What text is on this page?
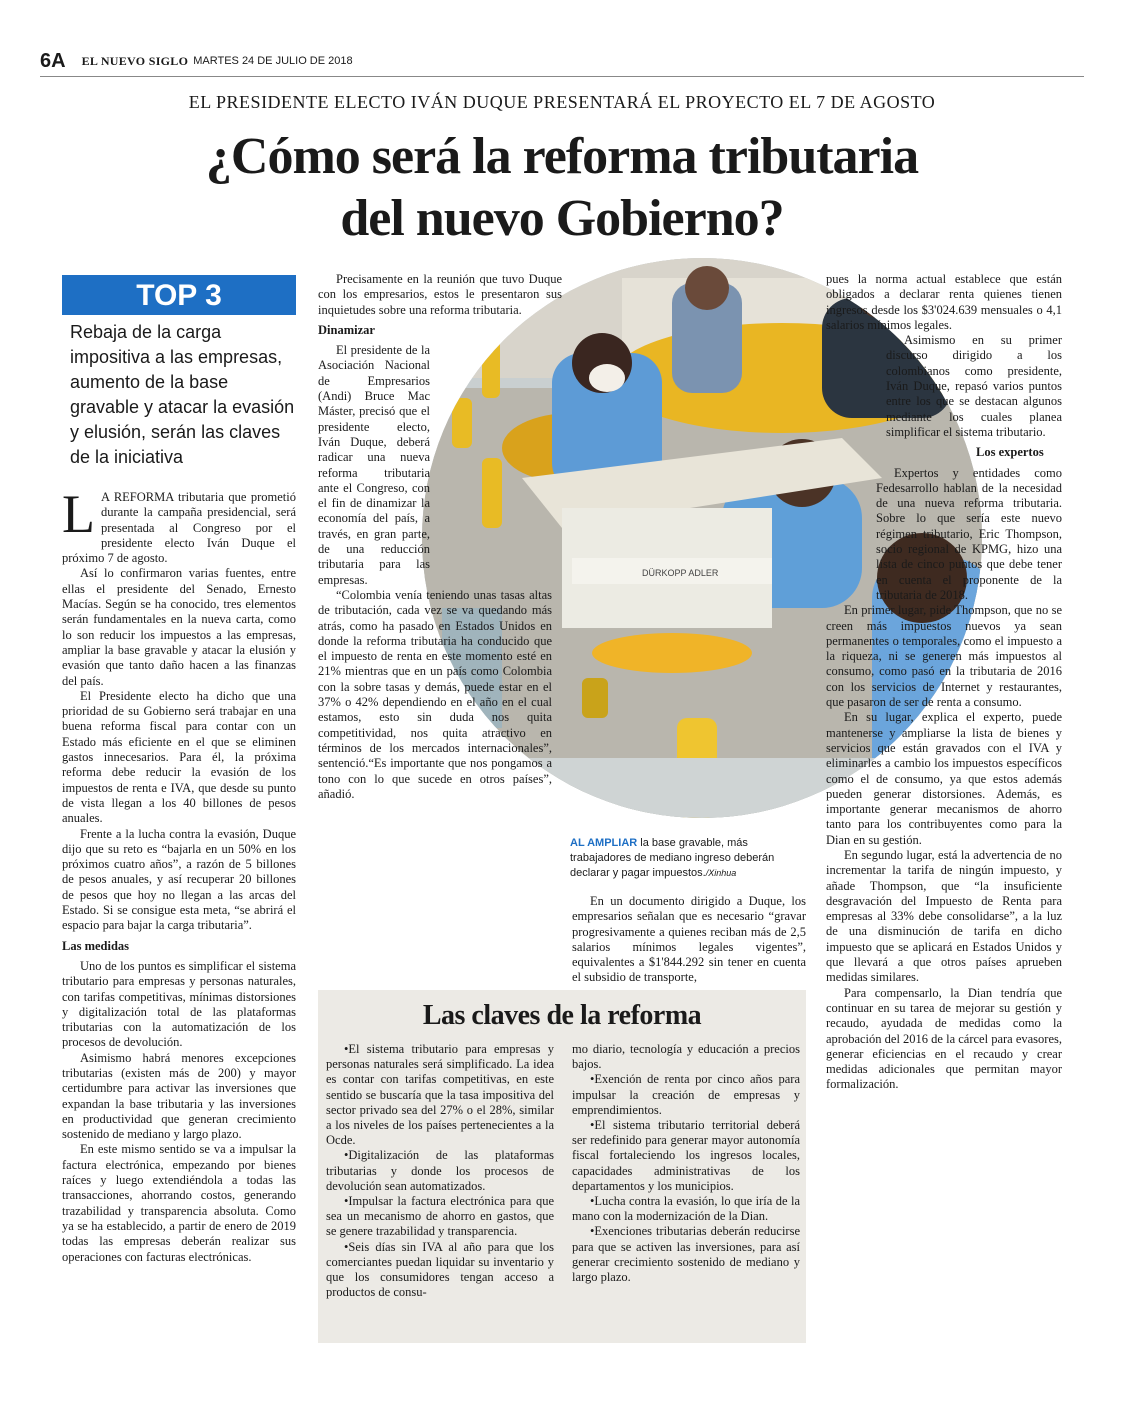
6A EL NUEVO SIGLO MARTES 24 DE JULIO DE 2018
EL PRESIDENTE ELECTO IVÁN DUQUE PRESENTARÁ EL PROYECTO EL 7 DE AGOSTO
¿Cómo será la reforma tributaria
del nuevo Gobierno?
TOP 3
Rebaja de la carga impositiva a las empresas, aumento de la base gravable y atacar la evasión y elusión, serán las claves de la iniciativa

L A REFORMA tributaria que prometió durante la campaña presidencial, será presentada al Congreso por el presidente electo Iván Duque el próximo 7 de agosto.

Así lo confirmaron varias fuentes, entre ellas el presidente del Senado, Ernesto Macías. Según se ha conocido, tres elementos serán fundamentales en la nueva carta, como lo son reducir los impuestos a las empresas, ampliar la base gravable y atacar la elusión y evasión que tanto daño hacen a las finanzas del país.

El Presidente electo ha dicho que una prioridad de su Gobierno será trabajar en una buena reforma fiscal para contar con un Estado más eficiente en el que se eliminen gastos innecesarios. Para él, la próxima reforma debe reducir la evasión de los impuestos de renta e IVA, que desde su punto de vista llegan a los 40 billones de pesos anuales.

Frente a la lucha contra la evasión, Duque dijo que su reto es “bajarla en un 50% en los próximos cuatro años”, a razón de 5 billones de pesos anuales, y así recuperar 20 billones de pesos que hoy no llegan a las arcas del Estado. Si se consigue esta meta, “se abrirá el espacio para bajar la carga tributaria”.

Las medidas

Uno de los puntos es simplificar el sistema tributario para empresas y personas naturales, con tarifas competitivas, mínimas distorsiones y digitalización total de las plataformas tributarias con la automatización de los procesos de devolución.

Asimismo habrá menores excepciones tributarias (existen más de 200) y mayor certidumbre para activar las inversiones que expandan la base tributaria y las inversiones en productividad que generan crecimiento sostenido de mediano y largo plazo.

En este mismo sentido se va a impulsar la factura electrónica, empezando por bienes raíces y luego extendiéndola a todas las transacciones, ahorrando costos, generando trazabilidad y transparencia absoluta. Como ya se ha establecido, a partir de enero de 2019 todas las empresas deberán realizar sus operaciones con facturas electrónicas.

DÜRKOPP ADLER

Precisamente en la reunión que tuvo Duque con los empresarios, estos le presentaron sus inquietudes sobre una reforma tributaria.

Dinamizar

El presidente de la Asociación Nacional de Empresarios (Andi) Bruce Mac Máster, precisó que el presidente electo, Iván Duque, deberá radicar una nueva reforma tributaria ante el Congreso, con el fin de dinamizar la economía del país, a través, en gran parte, de una reducción tributaria para las empresas.

“Colombia venía teniendo unas tasas altas de tributación, cada vez se va quedando más atrás, como ha pasado en Estados Unidos en donde la reforma tributaria ha conducido que el impuesto de renta en este momento esté en 21% mientras que en un país como Colombia con la sobre tasas y demás, puede estar en el 37% o 42% dependiendo en el año en el cual estamos, esto sin duda nos quita competitividad, nos quita atractivo en términos de los mercados internacionales”, sentenció.“Es importante que nos pongamos a tono con lo que sucede en otros países”, añadió.

AL AMPLIAR la base gravable, más trabajadores de mediano ingreso deberán declarar y pagar impuestos./Xinhua

En un documento dirigido a Duque, los empresarios señalan que es necesario “gravar progresivamente a quienes reciban más de 2,5 salarios mínimos legales vigentes”, equivalentes a $1'844.292 sin tener en cuenta el subsidio de transporte,

pues la norma actual establece que están obligados a declarar renta quienes tienen ingresos desde los $3'024.639 mensuales o 4,1 salarios mínimos legales.

Asimismo en su primer discurso dirigido a los colombianos como presidente, Iván Duque, repasó varios puntos entre los que se destacan algunos mediante los cuales planea simplificar el sistema tributario.

Los expertos

Expertos y entidades como Fedesarrollo hablan de la necesidad de una nueva reforma tributaria. Sobre lo que sería este nuevo régimen tributario, Eric Thompson, socio regional de KPMG, hizo una lista de cinco puntos que debe tener en cuenta el proponente de la tributaria de 2018.

En primer lugar, pide Thompson, que no se creen más impuestos nuevos ya sean permanentes o temporales, como el impuesto a la riqueza, ni se generen más impuestos al consumo, como pasó en la tributaria de 2016 con los servicios de Internet y restaurantes, que pasaron de ser de renta a consumo.

En su lugar, explica el experto, puede mantenerse y ampliarse la lista de bienes y servicios que están gravados con el IVA y eliminarles a cambio los impuestos específicos como el de consumo, ya que estos además pueden generar distorsiones. Además, es importante generar mecanismos de ahorro tanto para los contribuyentes como para la Dian en su gestión.

En segundo lugar, está la advertencia de no incrementar la tarifa de ningún impuesto, y añade Thompson, que “la insuficiente desgravación del Impuesto de Renta para empresas al 33% debe consolidarse”, a la luz de una disminución de tarifa en dicho impuesto que se aplicará en Estados Unidos y que llevará a que otros países aprueben medidas similares.

Para compensarlo, la Dian tendría que continuar en su tarea de mejorar su gestión y recaudo, ayudada de medidas como la aprobación del 2016 de la cárcel para evasores, generar eficiencias en el recaudo y crear medidas adicionales que permitan mayor formalización.

Las claves de la reforma

•El sistema tributario para empresas y personas naturales será simplificado. La idea es contar con tarifas competitivas, en este sentido se buscaría que la tasa impositiva del sector privado sea del 27% o el 28%, similar a los niveles de los países pertenecientes a la Ocde.

•Digitalización de las plataformas tributarias y donde los procesos de devolución sean automatizados.

•Impulsar la factura electrónica para que sea un mecanismo de ahorro en gastos, que se genere trazabilidad y transparencia.

•Seis días sin IVA al año para que los comerciantes puedan liquidar su inventario y que los consumidores tengan acceso a productos de consu-

mo diario, tecnología y educación a precios bajos.

•Exención de renta por cinco años para impulsar la creación de empresas y emprendimientos.

•El sistema tributario territorial deberá ser redefinido para generar mayor autonomía fiscal fortaleciendo los ingresos locales, capacidades administrativas de los departamentos y los municipios.

•Lucha contra la evasión, lo que iría de la mano con la modernización de la Dian.

•Exenciones tributarias deberán reducirse para que se activen las inversiones, para así generar crecimiento sostenido de mediano y largo plazo.
